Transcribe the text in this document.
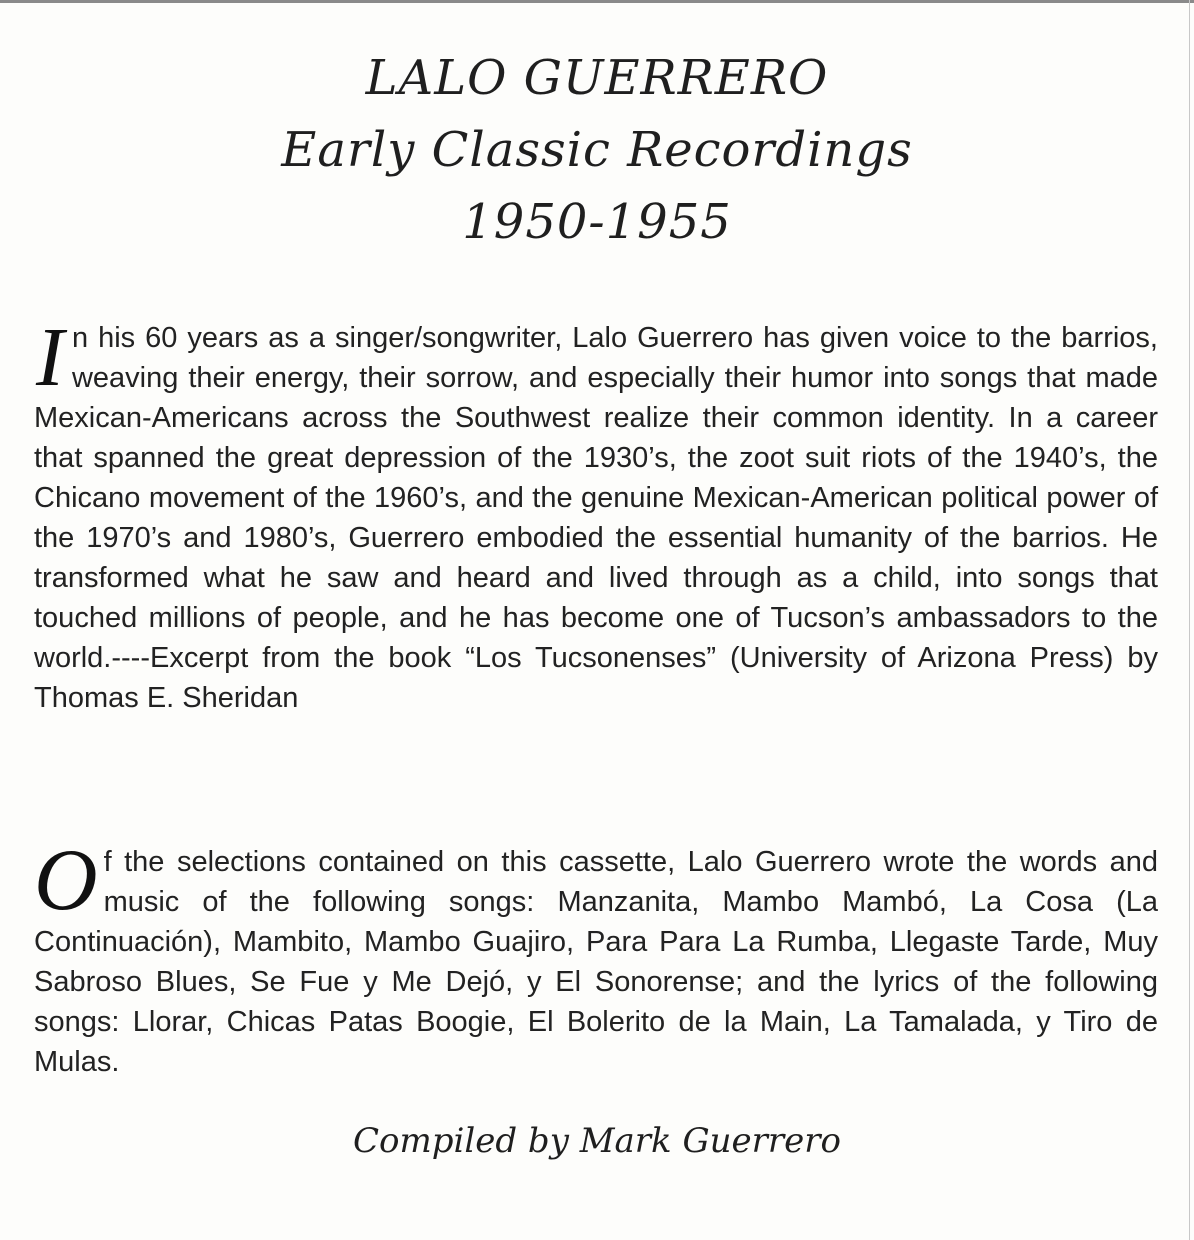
LALO GUERRERO
Early Classic Recordings
1950-1955
I n his 60 years as a singer/songwriter, Lalo Guerrero has given voice to the barrios, weaving their energy, their sorrow, and especially their humor into songs that made Mexican-Americans across the Southwest realize their common identity. In a career that spanned the great depression of the 1930’s, the zoot suit riots of the 1940’s, the Chicano movement of the 1960’s, and the genuine Mexican-American political power of the 1970’s and 1980’s, Guerrero embodied the essential humanity of the barrios. He transformed what he saw and heard and lived through as a child, into songs that touched millions of people, and he has become one of Tucson’s ambassadors to the world.----Excerpt from the book “Los Tucsonenses” (University of Arizona Press) by Thomas E. Sheridan
O f the selections contained on this cassette, Lalo Guerrero wrote the words and music of the following songs: Manzanita, Mambo Mambó, La Cosa (La Continuación), Mambito, Mambo Guajiro, Para Para La Rumba, Llegaste Tarde, Muy Sabroso Blues, Se Fue y Me Dejó, y El Sonorense; and the lyrics of the following songs: Llorar, Chicas Patas Boogie, El Bolerito de la Main, La Tamalada, y Tiro de Mulas.
Compiled by Mark Guerrero
